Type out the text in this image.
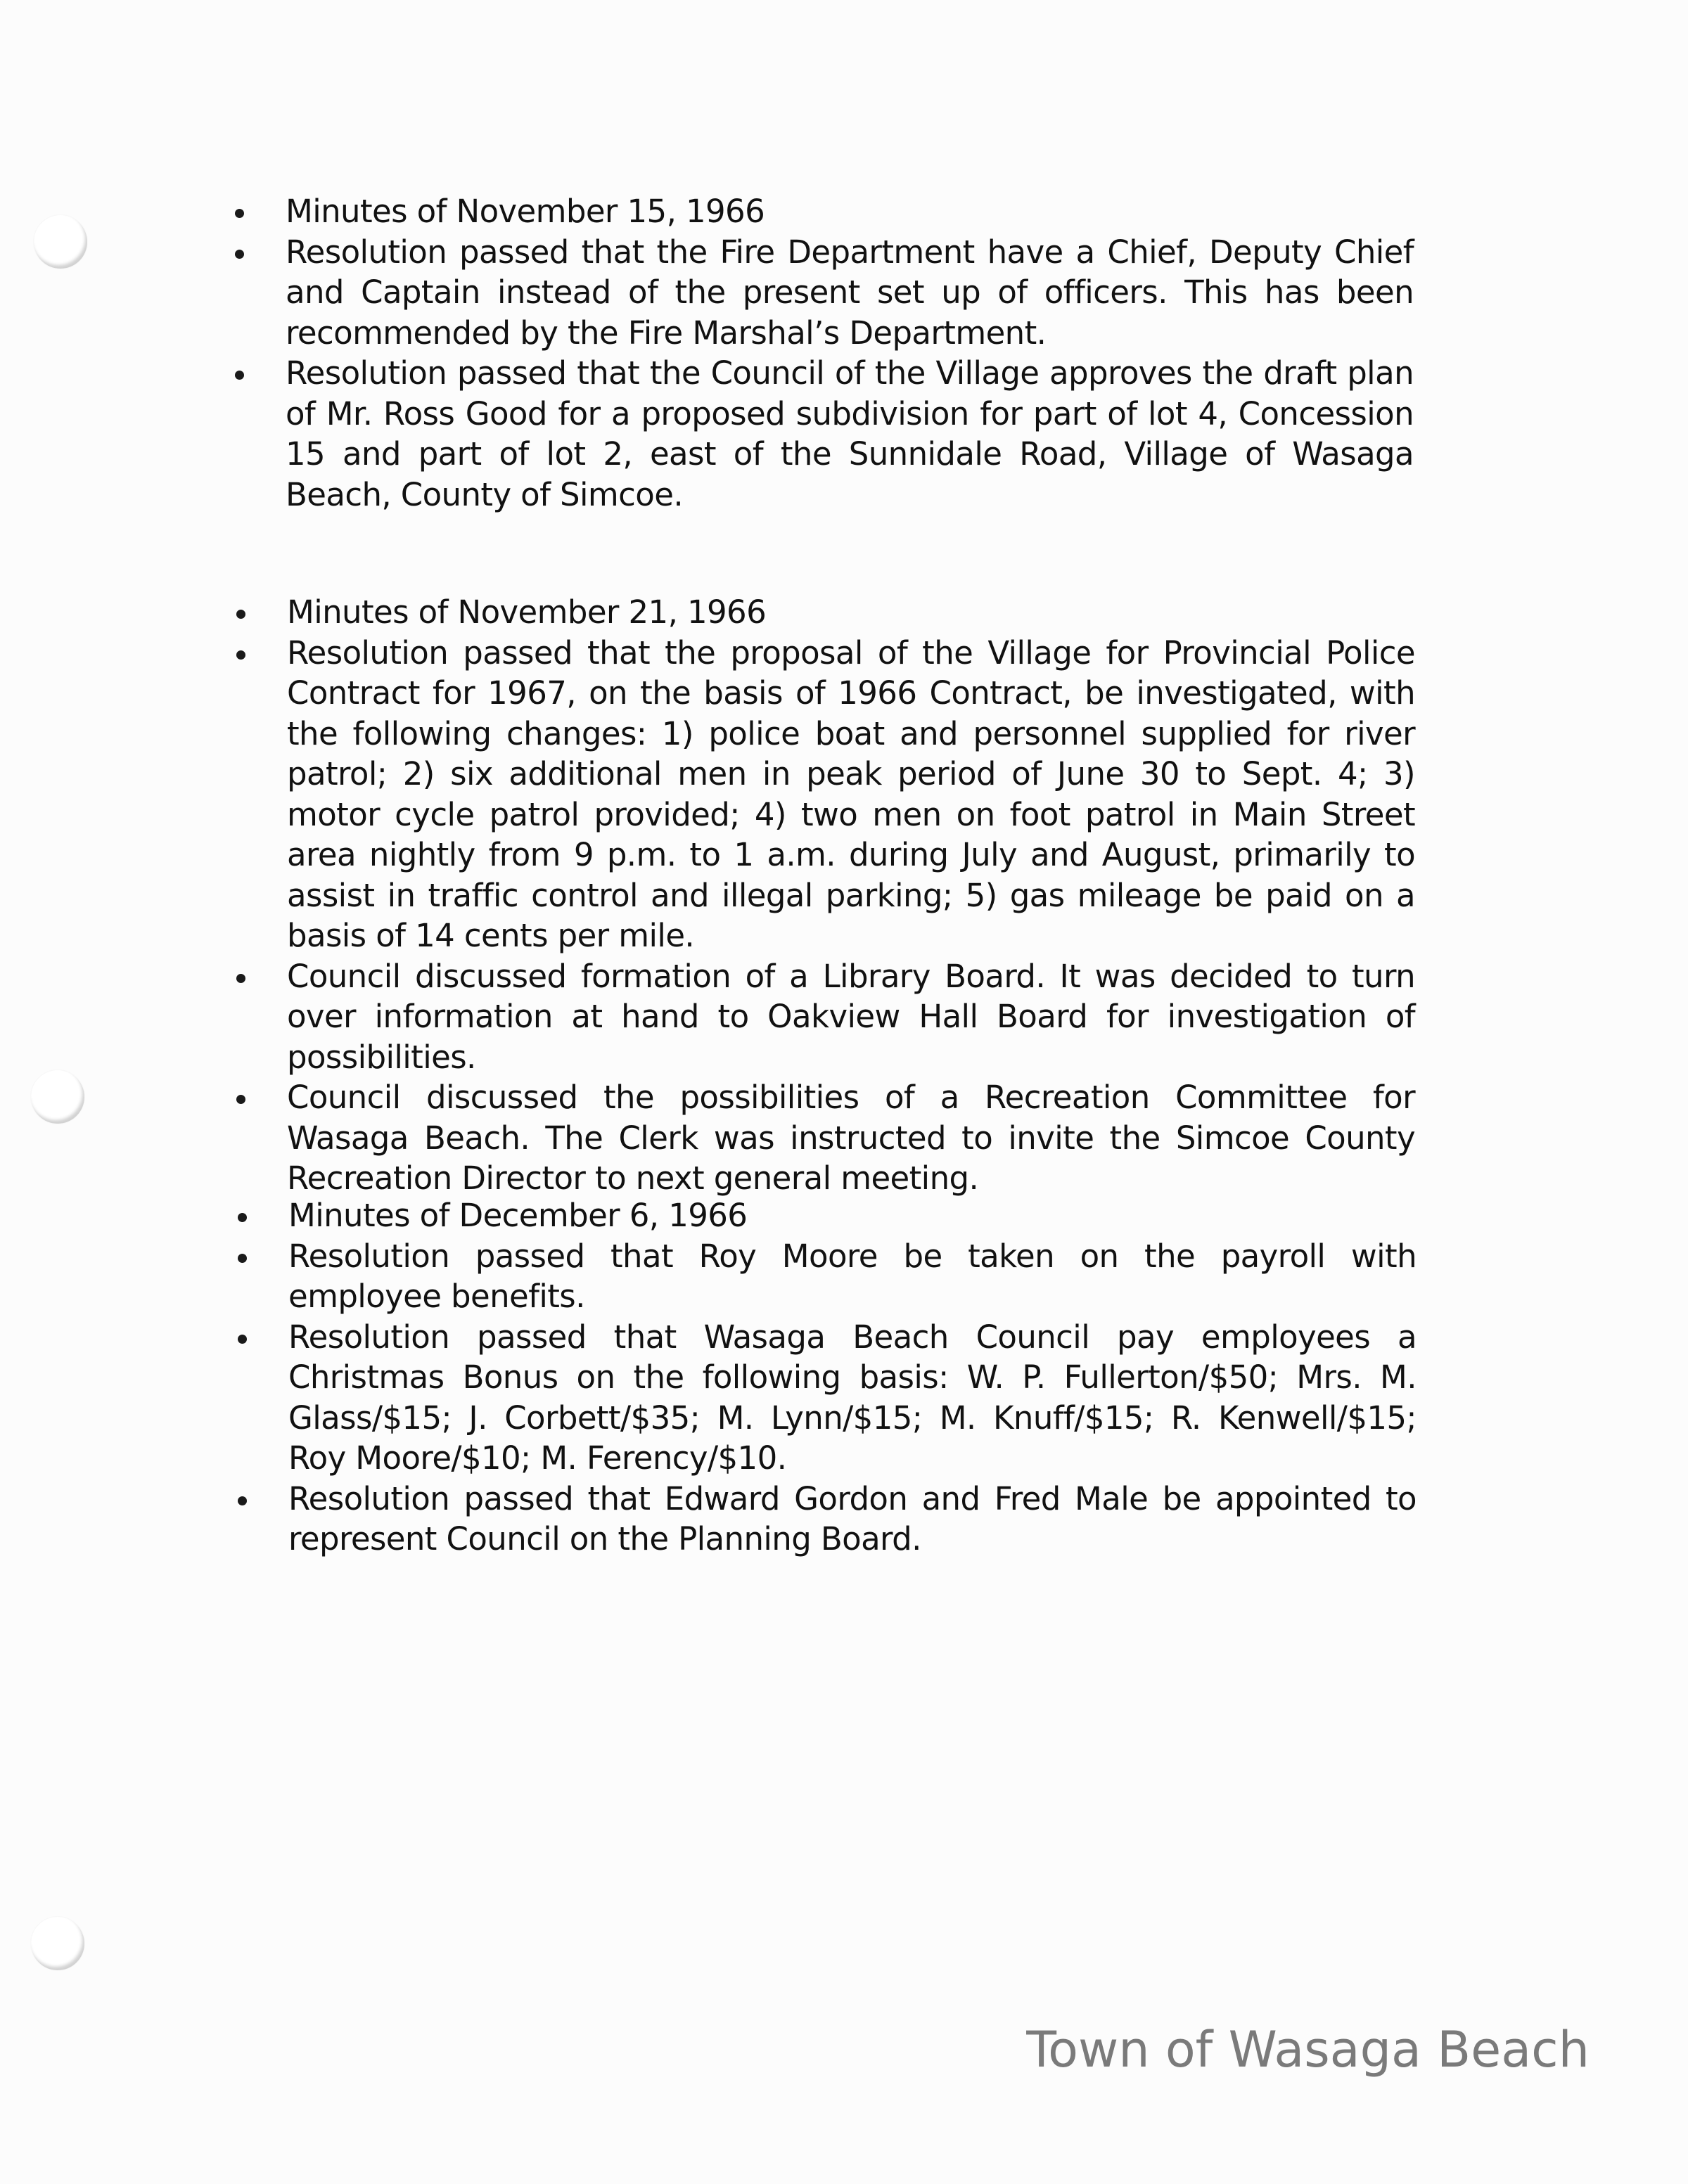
Minutes of November 15, 1966
Resolution passed that the Fire Department have a Chief, Deputy Chief and Captain instead of the present set up of officers. This has been recommended by the Fire Marshal’s Department.
Resolution passed that the Council of the Village approves the draft plan of Mr. Ross Good for a proposed subdivision for part of lot 4, Concession 15 and part of lot 2, east of the Sunnidale Road, Village of Wasaga Beach, County of Simcoe.
Minutes of November 21, 1966
Resolution passed that the proposal of the Village for Provincial Police Contract for 1967, on the basis of 1966 Contract, be investigated, with the following changes: 1) police boat and personnel supplied for river patrol; 2) six additional men in peak period of June 30 to Sept. 4; 3) motor cycle patrol provided; 4) two men on foot patrol in Main Street area nightly from 9 p.m. to 1 a.m. during July and August, primarily to assist in traffic control and illegal parking; 5) gas mileage be paid on a basis of 14 cents per mile.
Council discussed formation of a Library Board. It was decided to turn over information at hand to Oakview Hall Board for investigation of possibilities.
Council discussed the possibilities of a Recreation Committee for Wasaga Beach. The Clerk was instructed to invite the Simcoe County Recreation Director to next general meeting.
Minutes of December 6, 1966
Resolution passed that Roy Moore be taken on the payroll with employee benefits.
Resolution passed that Wasaga Beach Council pay employees a Christmas Bonus on the following basis: W. P. Fullerton/$50; Mrs. M. Glass/$15; J. Corbett/$35; M. Lynn/$15; M. Knuff/$15; R. Kenwell/$15; Roy Moore/$10; M. Ferency/$10.
Resolution passed that Edward Gordon and Fred Male be appointed to represent Council on the Planning Board.
Town of Wasaga Beach
